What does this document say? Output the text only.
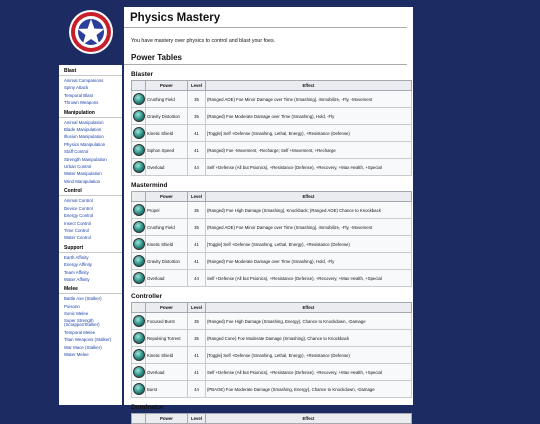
Blast
Animal Companions
Spiny Attack
Temporal Blast
Thrown Weapons
Manipulation
Animal Manipulation
Blade Manipulation
Illusion Manipulation
Physics Manipulation
Staff Control
Strength Manipulation
Urban Control
Water Manipulation
Wind Manipulation
Control
Animal Control
Device Control
Energy Control
Insect Control
Time Control
Water Control
Support
Earth Affinity
Energy Affinity
Team Affinity
Water Affinity
Melee
Battle Axe (Stalker)
Poisonn
Sonic Melee
Super Strength (Scrapper/Stalker)
Temporal Melee
Titan Weapons (Stalker)
War Mace (Stalker)
Water Melee
Physics Mastery
You have mastery over physics to control and blast your foes.
Power Tables
Blaster
	Power	Level	Effect
	Crushing Field	35	(Ranged AOE) Foe Minor Damage over Time (Smashing), Immobilize, -Fly, -Movement
	Gravity Distortion	35	(Ranged) Foe Moderate Damage over Time (Smashing), Hold, -Fly
	Kinetic Shield	41	[Toggle] Self +Defense (Smashing, Lethal, Energy), +Resistance (Defense)
	Siphon Speed	41	(Ranged) Foe -Movement, -Recharge; Self +Movement, +Recharge
	Overload	44	Self +Defense (All but Psionics), +Resistance (Defense), +Recovery, +Max Health, +Special
Mastermind
	Power	Level	Effect
	Propel	35	(Ranged) Foe High Damage (Smashing), Knockback; (Ranged AOE) Chance to Knockback
	Crushing Field	35	(Ranged AOE) Foe Minor Damage over Time (Smashing), Immobilize, -Fly, -Movement
	Kinetic Shield	41	[Toggle] Self +Defense (Smashing, Lethal, Energy), +Resistance (Defense)
	Gravity Distortion	41	(Ranged) Foe Moderate Damage over Time (Smashing), Hold, -Fly
	Overload	44	Self +Defense (All but Psionics), +Resistance (Defense), +Recovery, +Max Health, +Special
Controller
	Power	Level	Effect
	Focused Burst	35	(Ranged) Foe High Damage (Smashing, Energy), Chance to Knockdown, -Damage
	Repulsing Torrent	35	(Ranged Cone) Foe Moderate Damage (Smashing), Chance to Knockback
	Kinetic Shield	41	[Toggle] Self +Defense (Smashing, Lethal, Energy), +Resistance (Defense)
	Overload	41	Self +Defense (All but Psionics), +Resistance (Defense), +Recovery, +Max Health, +Special
	Burst	44	(PBAOE) Foe Moderate Damage (Smashing, Energy), Chance to Knockdown, -Damage
Dominator
	Power	Level	Effect
